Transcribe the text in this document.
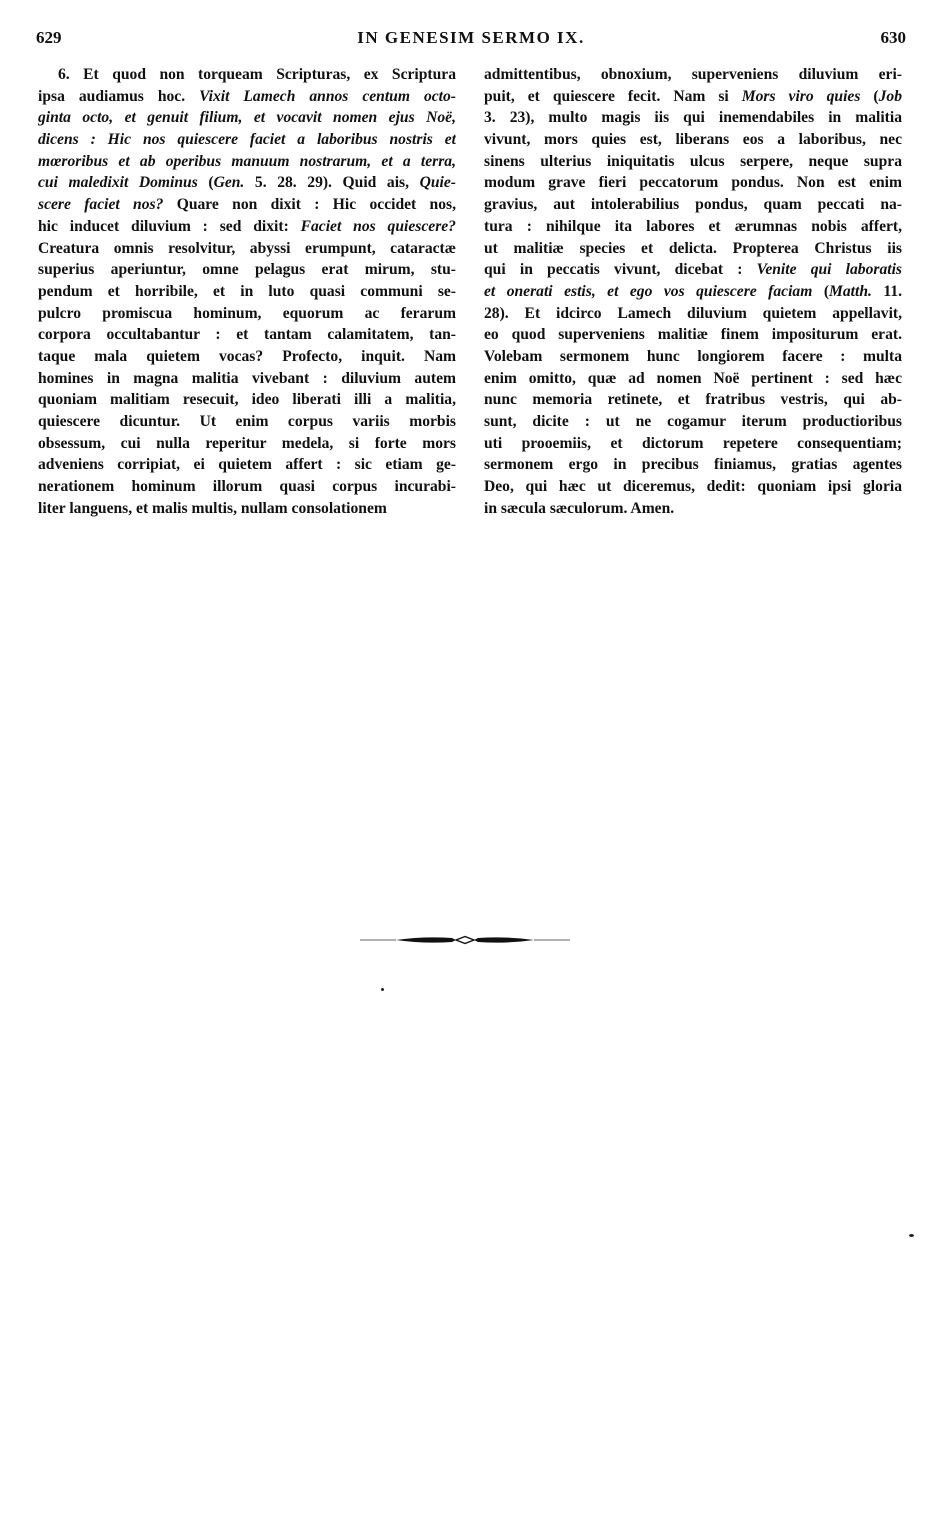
629	IN GENESIM SERMO IX.	630
6. Et quod non torqueam Scripturas, ex Scriptura
ipsa audiamus hoc. Vixit Lamech annos centum octo-
ginta octo, et genuit filium, et vocavit nomen ejus Noë,
dicens : Hic nos quiescere faciet a laboribus nostris et
mœroribus et ab operibus manuum nostrarum, et a terra,
cui maledixit Dominus (Gen. 5. 28. 29). Quid ais, Quie-
scere faciet nos? Quare non dixit : Hic occidet nos,
hic inducet diluvium : sed dixit: Faciet nos quiescere?
Creatura omnis resolvitur, abyssi erumpunt, cataractæ
superius aperiuntur, omne pelagus erat mirum, stu-
pendum et horribile, et in luto quasi communi se-
pulcro promiscua hominum, equorum ac ferarum
corpora occultabantur : et tantam calamitatem, tan-
taque mala quietem vocas? Profecto, inquit. Nam
homines in magna malitia vivebant : diluvium autem
quoniam malitiam resecuit, ideo liberati illi a malitia,
quiescere dicuntur. Ut enim corpus variis morbis
obsessum, cui nulla reperitur medela, si forte mors
adveniens corripiat, ei quietem affert : sic etiam ge-
nerationem hominum illorum quasi corpus incurabi-
liter languens, et malis multis, nullam consolationem
admittentibus, obnoxium, superveniens diluvium eri-
puit, et quiescere fecit. Nam si Mors viro quies (Job
3. 23), multo magis iis qui inemendabiles in malitia
vivunt, mors quies est, liberans eos a laboribus, nec
sinens ulterius iniquitatis ulcus serpere, neque supra
modum grave fieri peccatorum pondus. Non est enim
gravius, aut intolerabilius pondus, quam peccati na-
tura : nihilque ita labores et ærumnas nobis affert,
ut malitiæ species et delicta. Propterea Christus iis
qui in peccatis vivunt, dicebat : Venite qui laboratis
et onerati estis, et ego vos quiescere faciam (Matth. 11.
28). Et idcirco Lamech diluvium quietem appellavit,
eo quod superveniens malitiæ finem impositurum erat.
Volebam sermonem hunc longiorem facere : multa
enim omitto, quæ ad nomen Noë pertinent : sed hæc
nunc memoria retinete, et fratribus vestris, qui ab-
sunt, dicite : ut ne cogamur iterum productioribus
uti prooemiis, et dictorum repetere consequentiam;
sermonem ergo in precibus finiamus, gratias agentes
Deo, qui hæc ut diceremus, dedit: quoniam ipsi gloria
in sæcula sæculorum. Amen.
